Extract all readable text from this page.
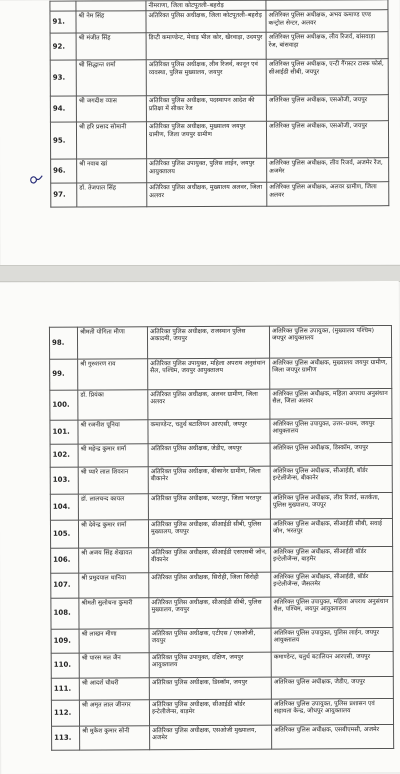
		नीमराणा, जिला कोटपूतली–बहरोड़	
91.	श्री नेम सिंह	अतिरिक्त पुलिस अधीक्षक, जिला कोटपूतली–बहरोड़	अतिरिक्त पुलिस अधीक्षक, अभय कमाण्ड एण्ड कन्ट्रोल सेन्टर, अलवर
92.	श्री मंजीत सिंह	डिप्टी कमाण्डेन्ट, मेवाड़ भील कोर, खैरवाड़ा, उदयपुर	अतिरिक्त पुलिस अधीक्षक, लीव रिजर्व, बांसवाड़ा रेंज, बांसवाड़ा
93.	श्री सिद्धान्त शर्मा	अतिरिक्त पुलिस अधीक्षक, लीव रिजर्व, कानून एवं व्यवस्था, पुलिस मुख्यालय, जयपुर	अतिरिक्त पुलिस अधीक्षक, एन्टी गैंगस्टर टास्क फोर्स, सीआईडी सीबी, जयपुर
94.	श्री जगदीश व्यास	अतिरिक्त पुलिस अधीक्षक, पदस्थापन आदेश की प्रतिक्षा में सीकर रेंज	अतिरिक्त पुलिस अधीक्षक, एसओजी, जयपुर
95.	श्री हरि प्रसाद सोमानी	अतिरिक्त पुलिस अधीक्षक, मुख्यालय जयपुर ग्रामीण, जिला जयपुर ग्रामीण	अतिरिक्त पुलिस अधीक्षक, एसओजी, जयपुर
96.	श्री नवाब खां	अतिरिक्त पुलिस उपायुक्त, पुलिस लाईन, जयपुर आयुक्तालय	अतिरिक्त पुलिस अधीक्षक, लीव रिजर्व, अजमेर रेंज, अजमेर
97.	डॉ. तेजपाल सिंह	अतिरिक्त पुलिस अधीक्षक, मुख्यालय अलवर, जिला अलवर	अतिरिक्त पुलिस अधीक्षक, अलवर ग्रामीण, जिला अलवर
98.	श्रीमती योगिता मीणा	अतिरिक्त पुलिस अधीक्षक, राजस्थान पुलिस अकादमी, जयपुर	अतिरिक्त पुलिस उपायुक्त, (मुख्यालय पश्चिम) जयपुर आयुक्तालय
99.	श्री गुरुशरण राव	अतिरिक्त पुलिस उपायुक्त, महिला अपराध अनुसंधान सैल, पश्चिम, जयपुर आयुक्तालय	अतिरिक्त पुलिस अधीक्षक, मुख्यालय जयपुर ग्रामीण, जिला जयपुर ग्रामीण
100.	डॉ. प्रियंका	अतिरिक्त पुलिस अधीक्षक, अलवर ग्रामीण, जिला अलवर	अतिरिक्त पुलिस अधीक्षक, महिला अपराध अनुसंधान सैल, जिला अलवर
101.	श्री रजनीश पूनिया	कमाण्डेन्ट, चतुर्थ बटालियन आरएसी, जयपुर	अतिरिक्त पुलिस उपायुक्त, उत्तर–प्रथम, जयपुर आयुक्तालय
102.	श्री महेन्द्र कुमार शर्मा	अतिरिक्त पुलिस अधीक्षक, जेडीए, जयपुर	अतिरिक्त पुलिस अधीक्षक, डिस्कॉम, जयपुर
103.	श्री प्यारे लाल शिवरान	अतिरिक्त पुलिस अधीक्षक, बीकानेर ग्रामीण, जिला बीकानेर	अतिरिक्त पुलिस अधीक्षक, सीआईडी, बॉर्डर इन्टेलीजेन्स, बीकानेर
104.	डॉ. लालचन्द कायल	अतिरिक्त पुलिस अधीक्षक, भरतपुर, जिला भरतपुर	अतिरिक्त पुलिस अधीक्षक, लीव रिजर्व, सतर्कता, पुलिस मुख्यालय, जयपुर
105.	श्री देवेन्द्र कुमार शर्मा	अतिरिक्त पुलिस अधीक्षक, सीआईडी सीबी, पुलिस मुख्यालय, जयपुर	अतिरिक्त पुलिस अधीक्षक, सीआईडी सीबी, सवाई जोन, भरतपुर
106.	श्री अजय सिंह शेखावत	अतिरिक्त पुलिस अधीक्षक, सीआईडी एसएसबी जोन, बीकानेर	अतिरिक्त पुलिस अधीक्षक, सीआईडी बॉर्डर इन्टेलीजेन्स, बाड़मेर
107.	श्री प्रमुदयाल धानिया	अतिरिक्त पुलिस अधीक्षक, सिरोही, जिला सिरोही	अतिरिक्त पुलिस अधीक्षक, सीआईडी, बॉर्डर इन्टेलीजेन्स, जैसलमेर
108.	श्रीमती सुलोचना कुमारी	अतिरिक्त पुलिस अधीक्षक, सीआईडी सीबी, पुलिस मुख्यालय, जयपुर	अतिरिक्त पुलिस उपायुक्त, महिला अपराध अनुसंधान सैल, पश्चिम, जयपुर आयुक्तालय
109.	श्री लाखन मीणा	अतिरिक्त पुलिस अधीक्षक, एटीएस / एसओजी, जयपुर	अतिरिक्त पुलिस उपायुक्त, पुलिस लाईन, जयपुर आयुक्तालय
110.	श्री पारस मल जैन	अतिरिक्त पुलिस उपायुक्त, दक्षिण, जयपुर आयुक्तालय	कमाण्डेन्ट, चतुर्थ बटालियन आरएसी, जयपुर
111.	श्री आदर्श चौधरी	अतिरिक्त पुलिस अधीक्षक, डिस्कॉम, जयपुर	अतिरिक्त पुलिस अधीक्षक, जेडीए, जयपुर
112.	श्री अमृत लाल जीनगर	अतिरिक्त पुलिस अधीक्षक, सीआईडी बॉर्डर इन्टेलीजेन्स, बाड़मेर	अतिरिक्त पुलिस उपायुक्त, पुलिस प्रशासन एवं सहायता केन्द्र, जोधपुर आयुक्तालय
113.	श्री मुकेश कुमार सोनी	अतिरिक्त पुलिस अधीक्षक, एसओजी मुख्यालय, अजमेर	अतिरिक्त पुलिस अधीक्षक, एसबीएमसी, अजमेर
